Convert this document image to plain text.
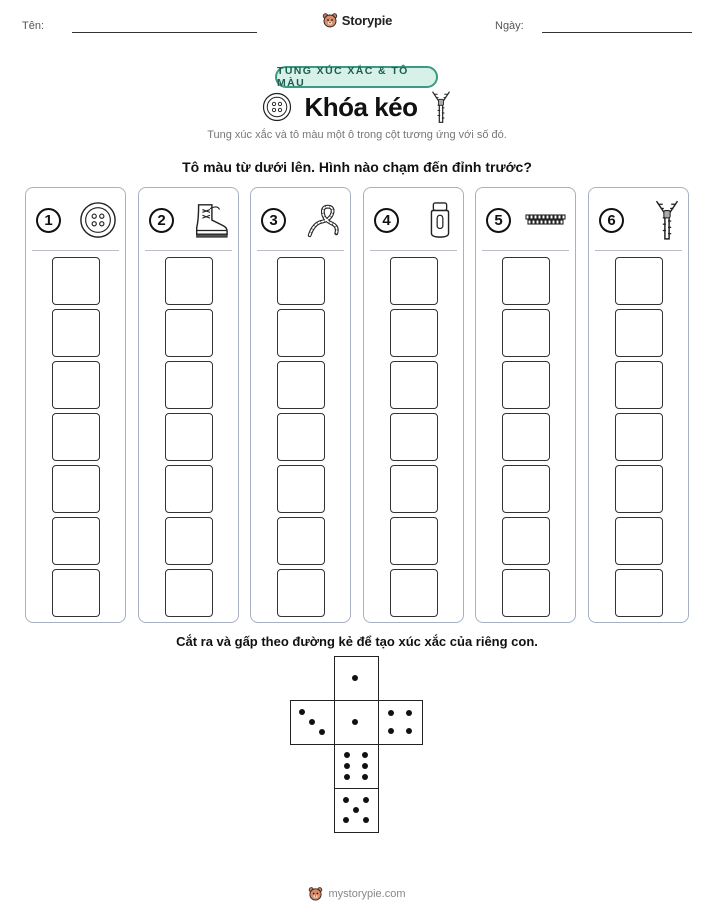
Tên:	Storypie	Ngày:
TUNG XÚC XẮC & TÔ MÀU
Khóa kéo
Tung xúc xắc và tô màu một ô trong cột tương ứng với số đó.
Tô màu từ dưới lên. Hình nào chạm đến đỉnh trước?
1	2	3	4	5	6
Cắt ra và gấp theo đường kẻ để tạo xúc xắc của riêng con.
mystorypie.com
